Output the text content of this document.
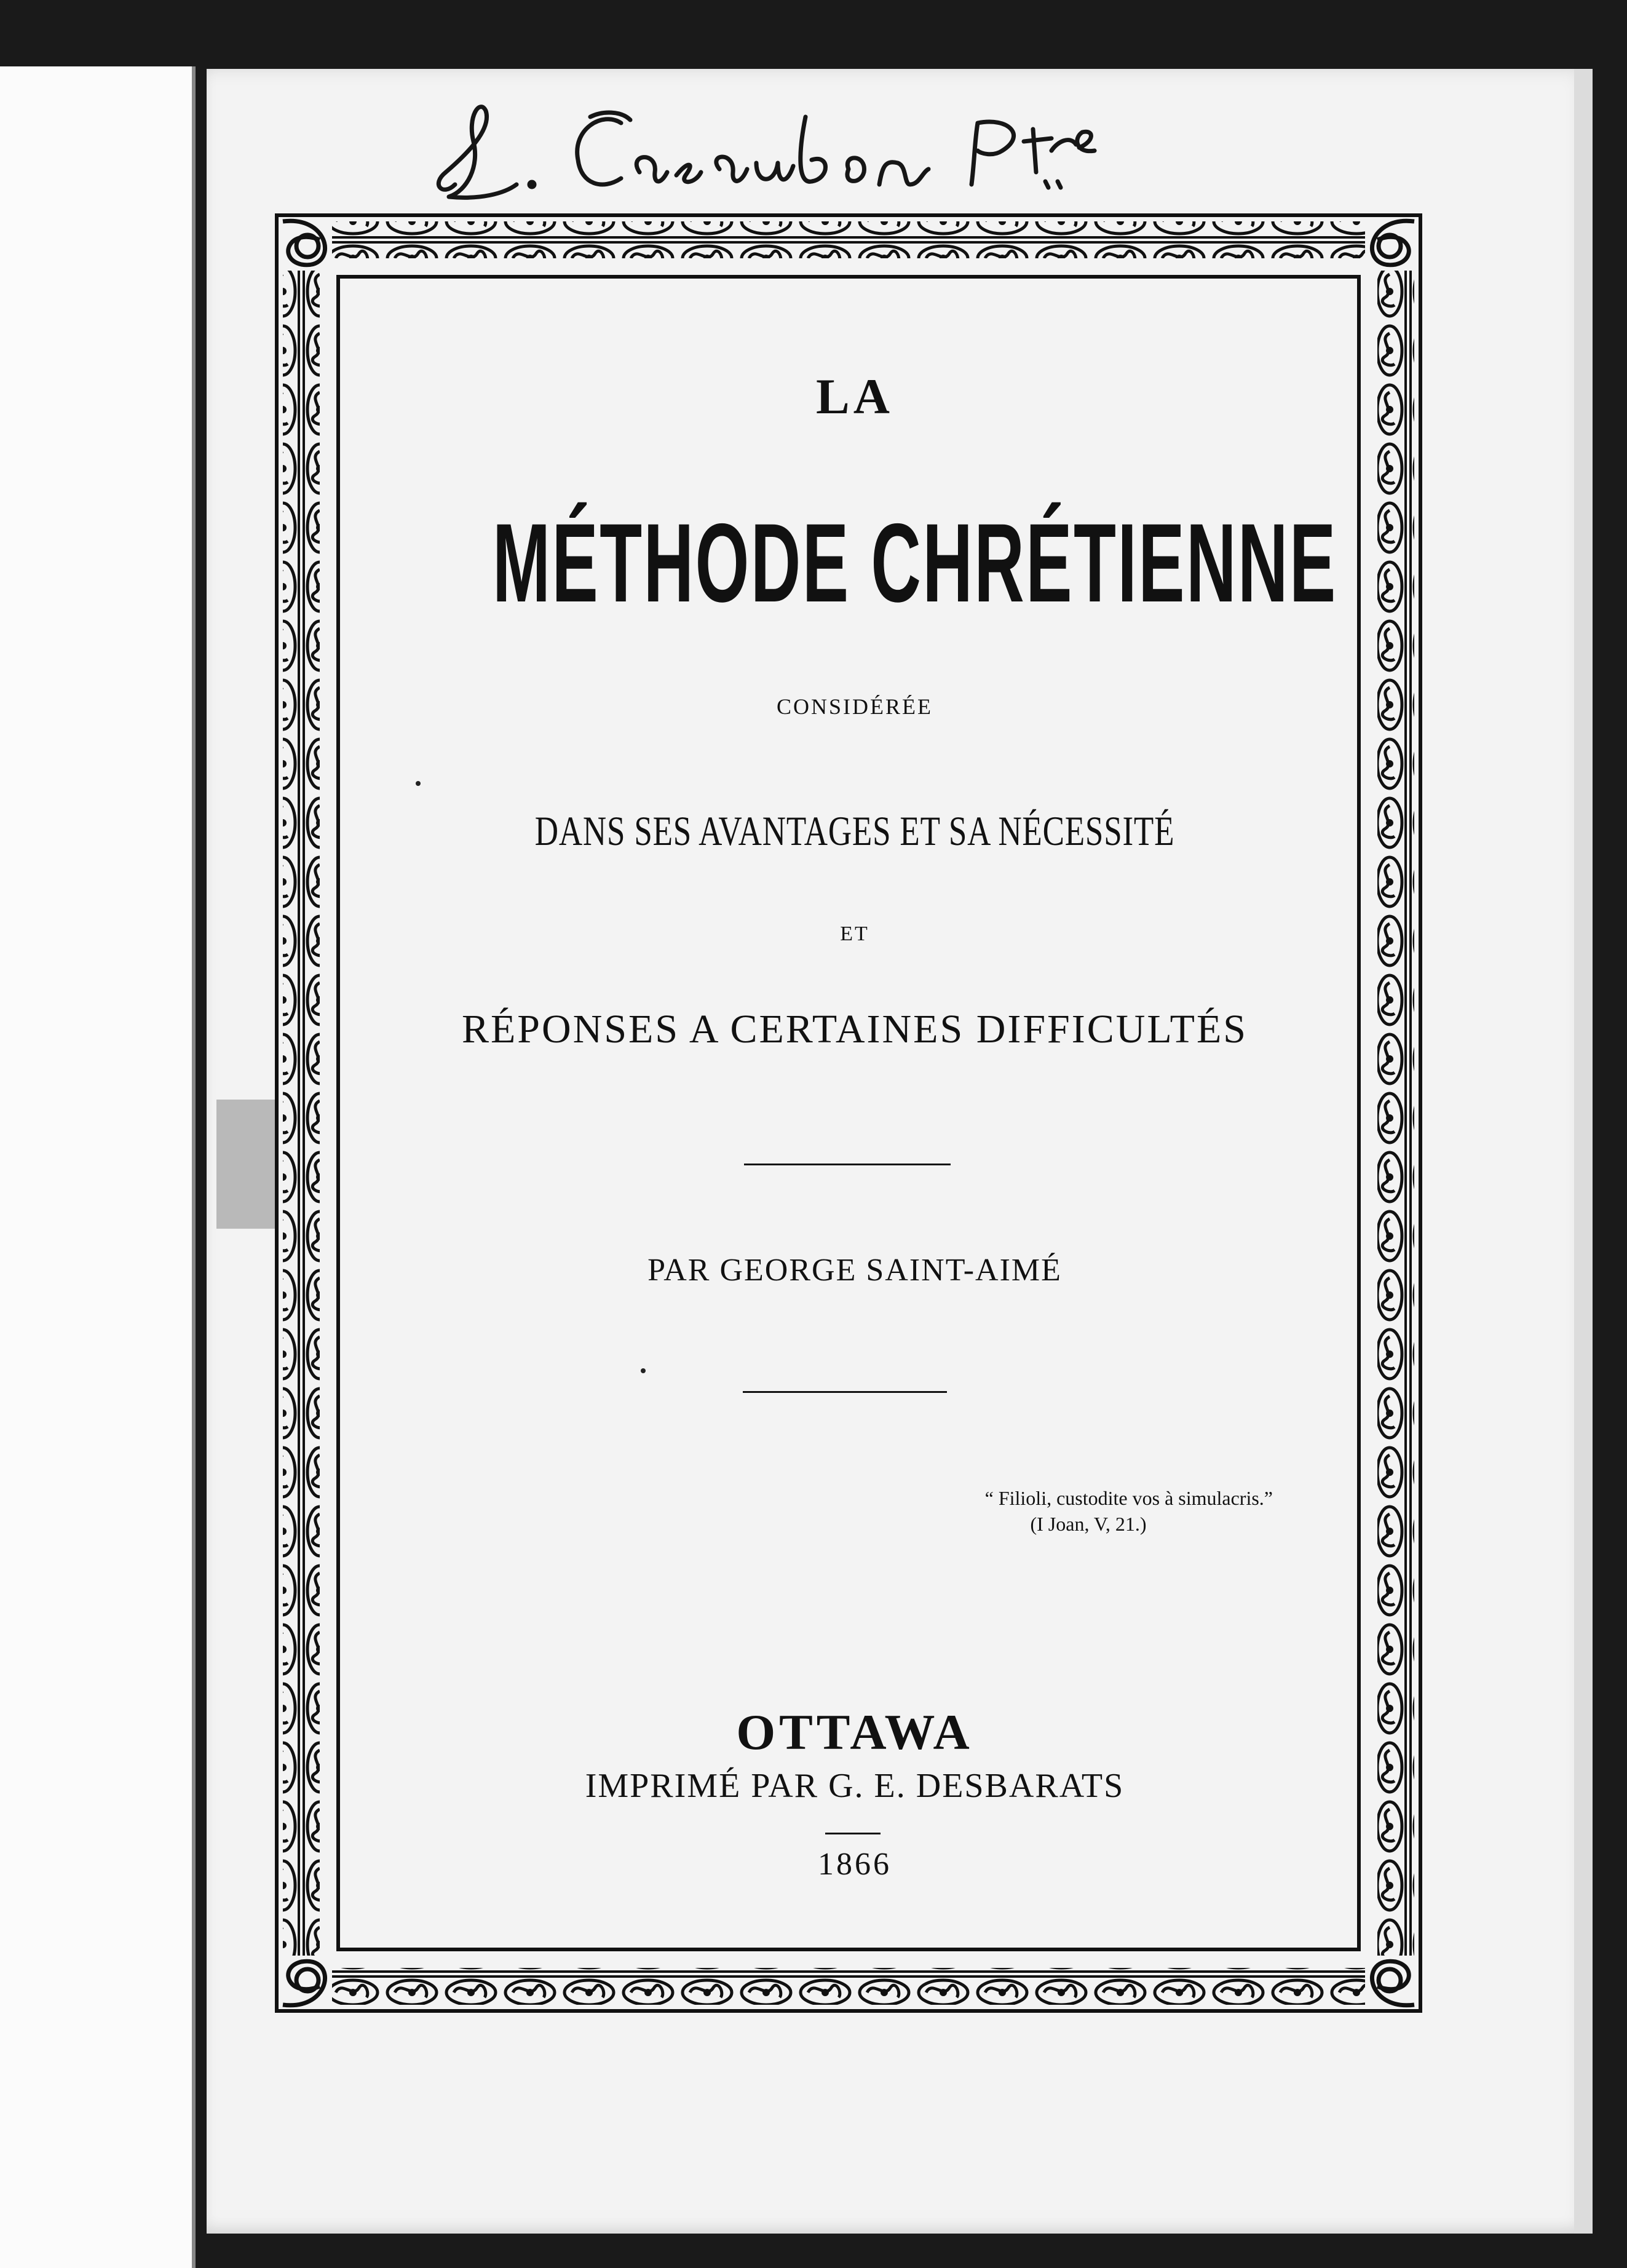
LA
MÉTHODE CHRÉTIENNE
CONSIDÉRÉE
DANS SES AVANTAGES ET SA NÉCESSITÉ
ET
RÉPONSES A CERTAINES DIFFICULTÉS
PAR GEORGE SAINT-AIMÉ
“ Filioli, custodite vos à simulacris.”
(I Joan, V, 21.)
OTTAWA
IMPRIMÉ PAR G. E. DESBARATS
1866
